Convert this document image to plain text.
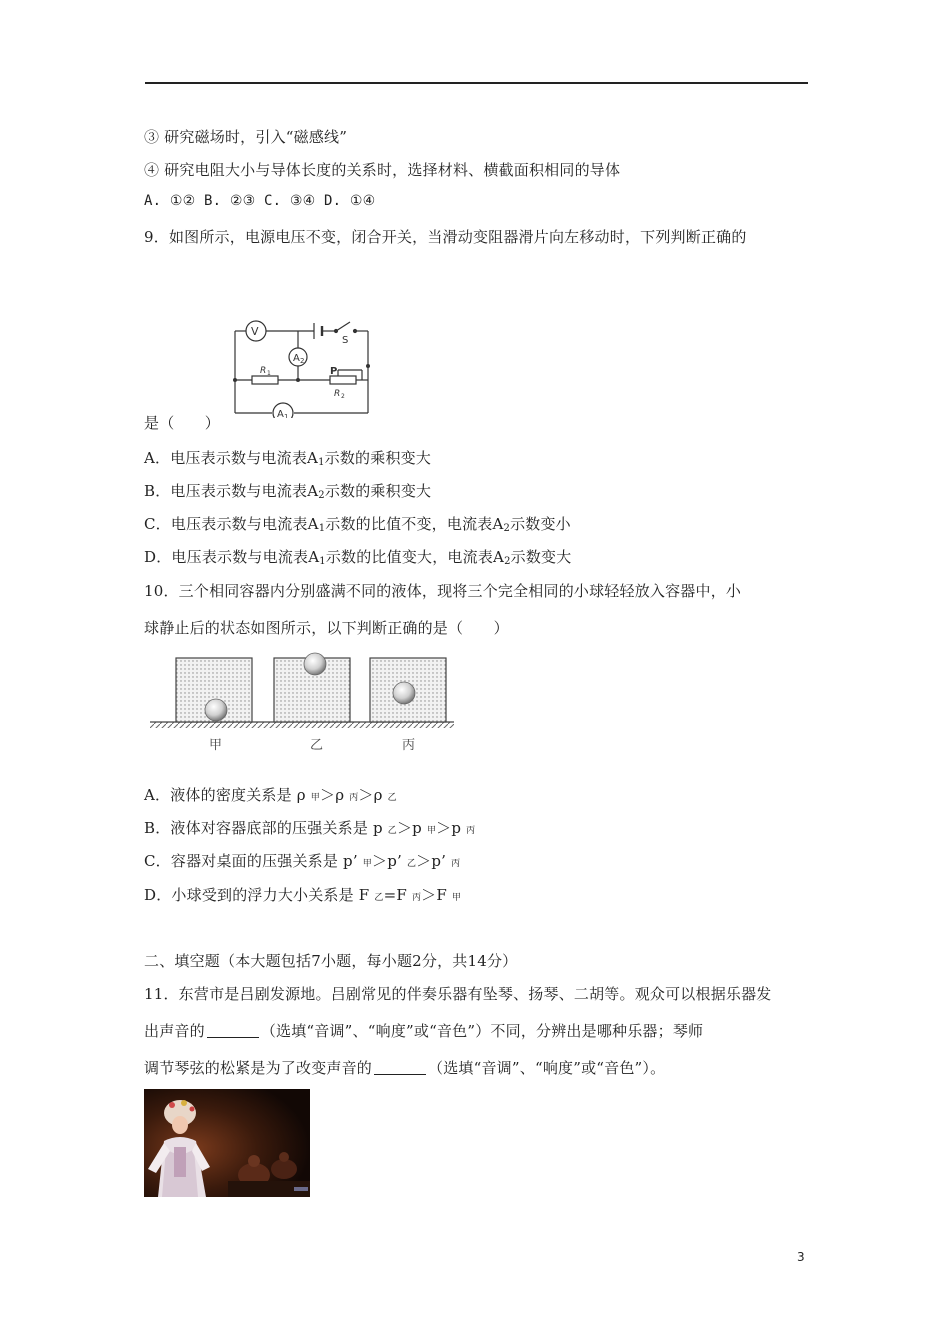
③ 研究磁场时，引入“磁感线”
④ 研究电阻大小与导体长度的关系时，选择材料、横截面积相同的导体
A. ①② B. ②③ C. ③④ D. ①④
9．如图所示，电源电压不变，闭合开关，当滑动变阻器滑片向左移动时，下列判断正确的
V
A 2
A 1
S
R 1
R 2
P
是（　　）
A．电压表示数与电流表A1示数的乘积变大
B．电压表示数与电流表A2示数的乘积变大
C．电压表示数与电流表A1示数的比值不变，电流表A2示数变小
D．电压表示数与电流表A1示数的比值变大，电流表A2示数变大
10．三个相同容器内分别盛满不同的液体，现将三个完全相同的小球轻轻放入容器中，小
球静止后的状态如图所示，以下判断正确的是（　　）
甲	乙	丙
A．液体的密度关系是 ρ 甲＞ρ 丙＞ρ 乙
B．液体对容器底部的压强关系是 p 乙＞p 甲＞p 丙
C．容器对桌面的压强关系是 p’ 甲＞p’ 乙＞p’ 丙
D．小球受到的浮力大小关系是 F 乙=F 丙＞F 甲
二、填空题（本大题包括7小题，每小题2分，共14分）
11．东营市是吕剧发源地。吕剧常见的伴奏乐器有坠琴、扬琴、二胡等。观众可以根据乐器发
出声音的	（选填“音调”、“响度”或“音色”）不同，分辨出是哪种乐器；琴师
调节琴弦的松紧是为了改变声音的	（选填“音调”、“响度”或“音色”）。
3
